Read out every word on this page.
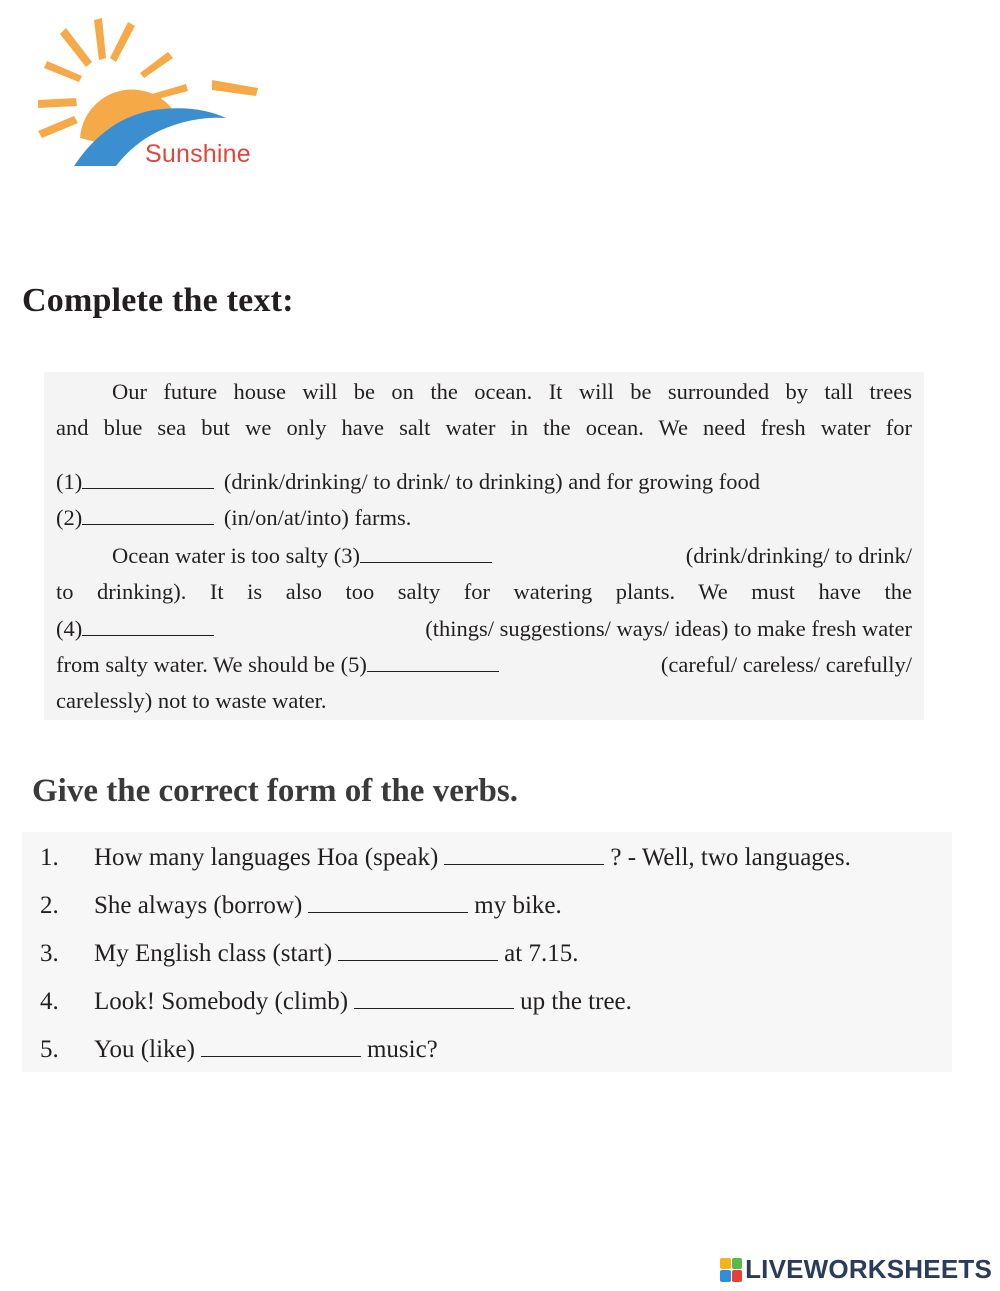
Sunshine
Complete the text:
Our future house will be on the ocean. It will be surrounded by tall trees
and blue sea but we only have salt water in the ocean. We need fresh water for
(1)	(drink/drinking/ to drink/ to drinking) and for growing food
(2)	(in/on/at/into) farms.
Ocean water is too salty (3)	(drink/drinking/ to drink/
to drinking). It is also too salty for watering plants. We must have the
(4)	(things/ suggestions/ ways/ ideas) to make fresh water
from salty water. We should be (5)	(careful/ careless/ carefully/
carelessly) not to waste water.
Give the correct form of the verbs.
1. How many languages Hoa (speak)	? - Well, two languages.
2. She always (borrow)	my bike.
3. My English class (start)	at 7.15.
4. Look! Somebody (climb)	up the tree.
5. You (like)	music?
LIVEWORKSHEETS
